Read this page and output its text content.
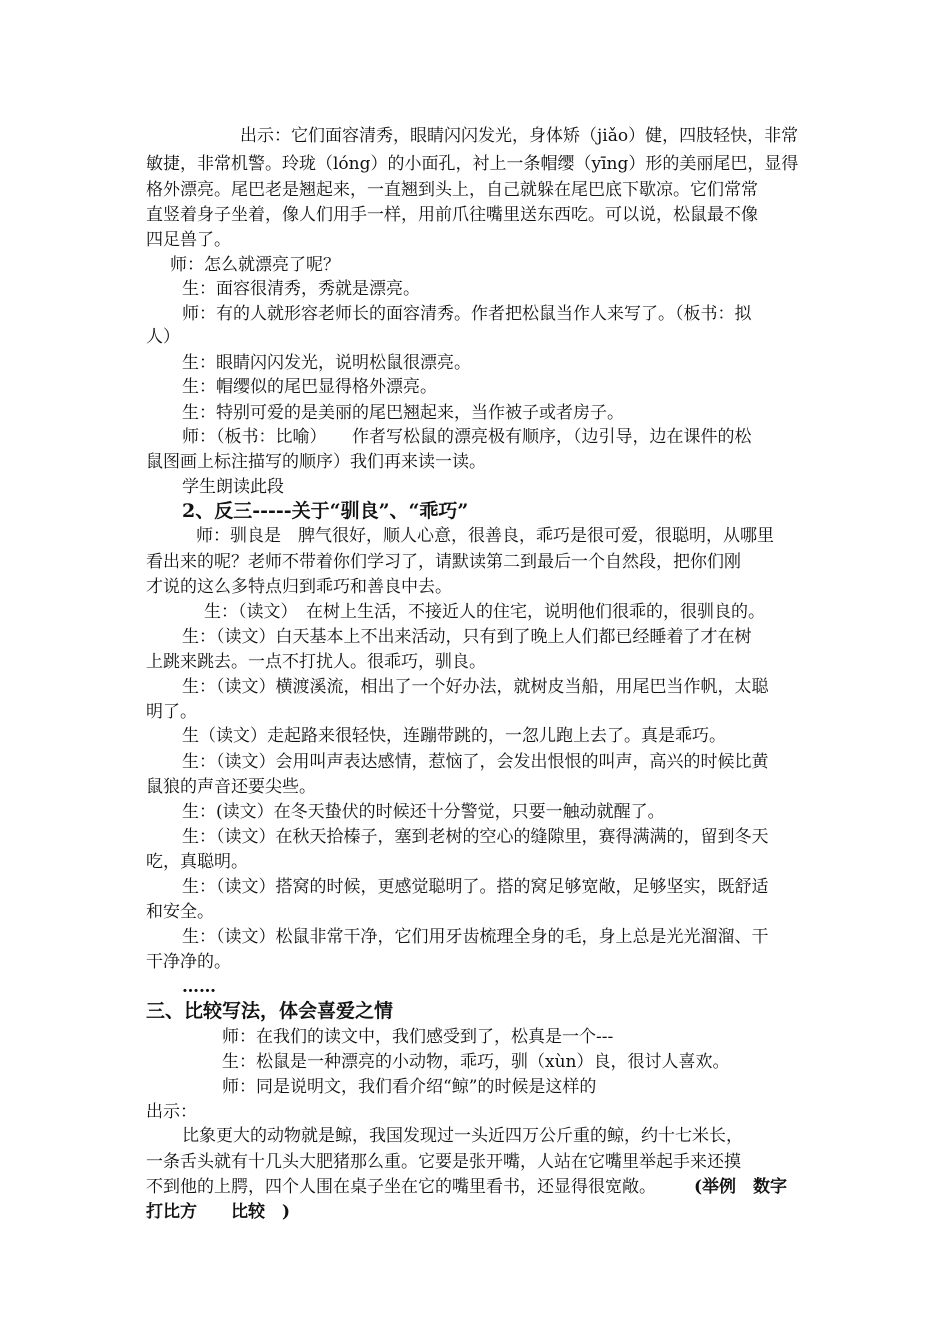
出示：它们面容清秀，眼睛闪闪发光，身体矫（jiǎo）健，四肢轻快，非常
敏捷，非常机警。玲珑（lóng）的小面孔，衬上一条帽缨（yīng）形的美丽尾巴，显得
格外漂亮。尾巴老是翘起来，一直翘到头上，自己就躲在尾巴底下歇凉。它们常常
直竖着身子坐着，像人们用手一样，用前爪往嘴里送东西吃。可以说，松鼠最不像
四足兽了。
师：怎么就漂亮了呢？
生：面容很清秀，秀就是漂亮。
师：有的人就形容老师长的面容清秀。作者把松鼠当作人来写了。（板书：拟
人）
生：眼睛闪闪发光，说明松鼠很漂亮。
生：帽缨似的尾巴显得格外漂亮。
生：特别可爱的是美丽的尾巴翘起来，当作被子或者房子。
师：（板书：比喻）　　作者写松鼠的漂亮极有顺序，（边引导，边在课件的松
鼠图画上标注描写的顺序）我们再来读一读。
学生朗读此段
2、反三-----关于“驯良”、“乖巧”
师：驯良是　脾气很好，顺人心意，很善良，乖巧是很可爱，很聪明，从哪里
看出来的呢？老师不带着你们学习了，请默读第二到最后一个自然段，把你们刚
才说的这么多特点归到乖巧和善良中去。
生：（读文）　在树上生活，不接近人的住宅，说明他们很乖的，很驯良的。
生：（读文）白天基本上不出来活动，只有到了晚上人们都已经睡着了才在树
上跳来跳去。一点不打扰人。很乖巧，驯良。
生：（读文）横渡溪流，相出了一个好办法，就树皮当船，用尾巴当作帆，太聪
明了。
生（读文）走起路来很轻快，连蹦带跳的，一忽儿跑上去了。真是乖巧。
生：（读文）会用叫声表达感情，惹恼了，会发出恨恨的叫声，高兴的时候比黄
鼠狼的声音还要尖些。
生：(读文）在冬天蛰伏的时候还十分警觉，只要一触动就醒了。
生：（读文）在秋天拾榛子，塞到老树的空心的缝隙里，赛得满满的，留到冬天
吃，真聪明。
生：（读文）搭窝的时候，更感觉聪明了。搭的窝足够宽敞，足够坚实，既舒适
和安全。
生：（读文）松鼠非常干净，它们用牙齿梳理全身的毛，身上总是光光溜溜、干
干净净的。
……
三、比较写法，体会喜爱之情
师：在我们的读文中，我们感受到了，松真是一个---
生：松鼠是一种漂亮的小动物，乖巧，驯（xùn）良，很讨人喜欢。
师：同是说明文，我们看介绍“鲸”的时候是这样的
出示：
比象更大的动物就是鲸，我国发现过一头近四万公斤重的鲸，约十七米长，
一条舌头就有十几头大肥猪那么重。它要是张开嘴，人站在它嘴里举起手来还摸
不到他的上腭，四个人围在桌子坐在它的嘴里看书，还显得很宽敞。 (举例　数字
打比方　　比较　)
